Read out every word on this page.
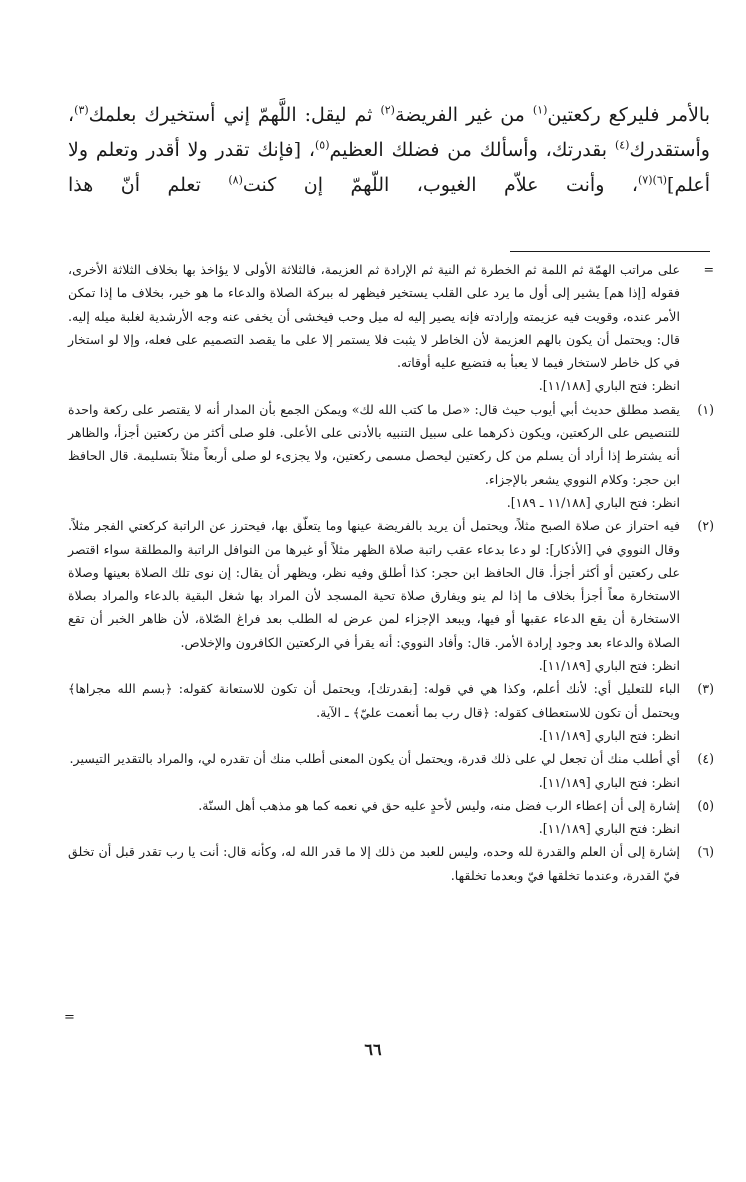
بالأمر فليركع ركعتين$^{(١)}$ من غير الفريضة$^{(٢)}$ ثم ليقل: اللَّهمّ إني أستخيرك بعلمك$^{(٣)}$، وأستقدرك$^{(٤)}$ بقدرتك، وأسألك من فضلك العظيم$^{(٥)}$، [فإنك تقدر ولا أقدر وتعلم ولا أعلم]$^{(٦)(٧)}$، وأنت علاّم الغيوب، اللّهمّ إن كنت$^{(٨)}$ تعلم أنّ هذا

=

على مراتب الهمّة ثم اللمة ثم الخطرة ثم النية ثم الإرادة ثم العزيمة، فالثلاثة الأولى لا يؤاخذ بها بخلاف الثلاثة الأخرى، فقوله [إذا هم] يشير إلى أول ما يرد على القلب يستخير فيظهر له ببركة الصلاة والدعاء ما هو خير، بخلاف ما إذا تمكن الأمر عنده، وقويت فيه عزيمته وإرادته فإنه يصير إليه له ميل وحب فيخشى أن يخفى عنه وجه الأرشدية لغلبة ميله إليه. قال: ويحتمل أن يكون بالهم العزيمة لأن الخاطر لا يثبت فلا يستمر إلا على ما يقصد التصميم على فعله، وإلا لو استخار في كل خاطر لاستخار فيما لا يعبأ به فتضيع عليه أوقاته.

انظر: فتح الباري [١١/١٨٨].

(١)

يقصد مطلق حديث أبي أيوب حيث قال: «صل ما كتب الله لك» ويمكن الجمع بأن المدار أنه لا يقتصر على ركعة واحدة للتنصيص على الركعتين، ويكون ذكرهما على سبيل التنبيه بالأدنى على الأعلى. فلو صلى أكثر من ركعتين أجزأ، والظاهر أنه يشترط إذا أراد أن يسلم من كل ركعتين ليحصل مسمى ركعتين، ولا يجزىء لو صلى أربعاً مثلاً بتسليمة. قال الحافظ ابن حجر: وكلام النووي يشعر بالإجزاء.

انظر: فتح الباري [١١/١٨٨ ـ ١٨٩].

(٢)

فيه احتراز عن صلاة الصبح مثلاً، ويحتمل أن يريد بالفريضة عينها وما يتعلّق بها، فيحترز عن الراتبة كركعتي الفجر مثلاً. وقال النووي في [الأذكار]: لو دعا بدعاء عقب راتبة صلاة الظهر مثلاً أو غيرها من النوافل الراتبة والمطلقة سواء اقتصر على ركعتين أو أكثر أجزأ. قال الحافظ ابن حجر: كذا أطلق وفيه نظر، ويظهر أن يقال: إن نوى تلك الصلاة بعينها وصلاة الاستخارة معاً أجزأ بخلاف ما إذا لم ينو ويفارق صلاة تحية المسجد لأن المراد بها شغل البقية بالدعاء والمراد بصلاة الاستخارة أن يقع الدعاء عقبها أو فيها، ويبعد الإجزاء لمن عرض له الطلب بعد فراغ الصّلاة، لأن ظاهر الخبر أن تقع الصلاة والدعاء بعد وجود إرادة الأمر. قال: وأفاد النووي: أنه يقرأ في الركعتين الكافرون والإخلاص.

انظر: فتح الباري [١١/١٨٩].

(٣)

الباء للتعليل أي: لأنك أعلم، وكذا هي في قوله: [بقدرتك]، ويحتمل أن تكون للاستعانة كقوله: ﴿بسم الله مجراها﴾ ويحتمل أن تكون للاستعطاف كقوله: ﴿قال رب بما أنعمت عليّ﴾ ـ الآية.

انظر: فتح الباري [١١/١٨٩].

(٤)

أي أطلب منك أن تجعل لي على ذلك قدرة، ويحتمل أن يكون المعنى أطلب منك أن تقدره لي، والمراد بالتقدير التيسير.

انظر: فتح الباري [١١/١٨٩].

(٥)

إشارة إلى أن إعطاء الرب فضل منه، وليس لأحدٍ عليه حق في نعمه كما هو مذهب أهل السنّة.

انظر: فتح الباري [١١/١٨٩].

(٦)

إشارة إلى أن العلم والقدرة لله وحده، وليس للعبد من ذلك إلا ما قدر الله له، وكأنه قال: أنت يا رب تقدر قبل أن تخلق فيّ القدرة، وعندما تخلقها فيّ وبعدما تخلقها.

=
٦٦
